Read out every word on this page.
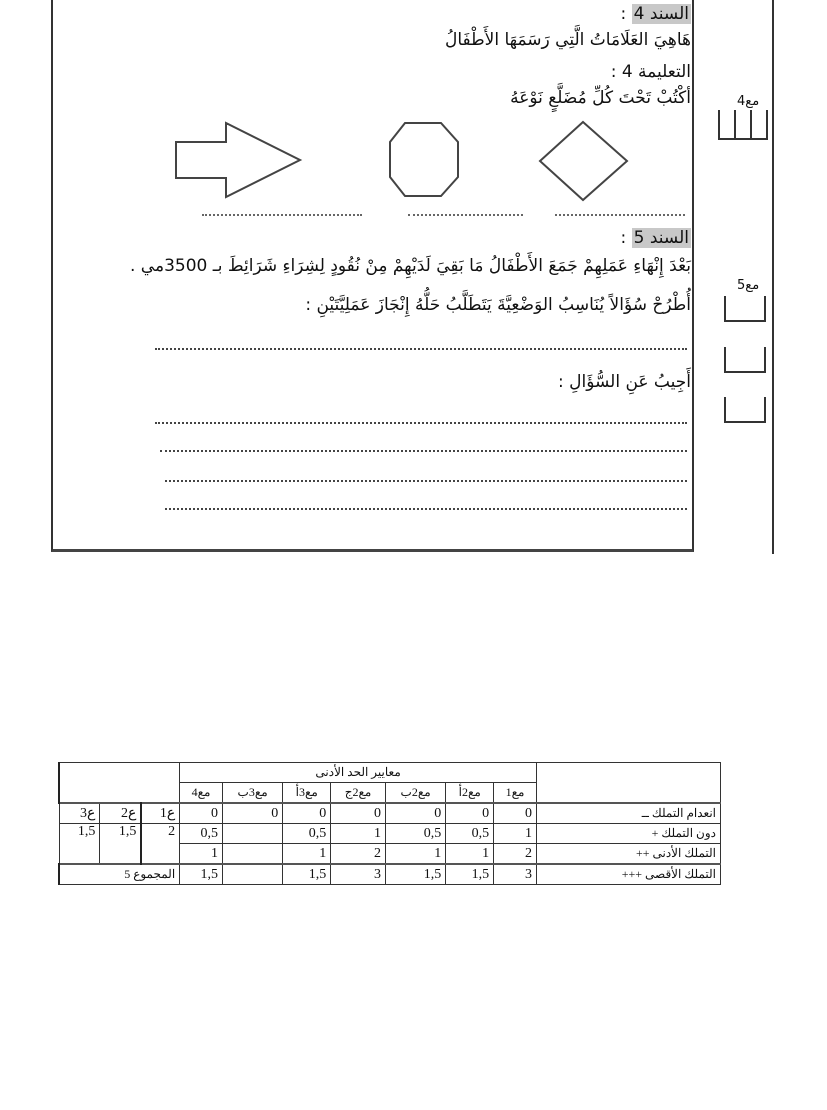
السند 4 :
هَاهِيَ العَلَامَاتُ الَّتِي رَسَمَهَا الأَطْفَالُ
التعليمة 4 :
أكْتُبْ تَحْتَ كُلِّ مُضَلَّعٍ نَوْعَهُ	مع4
السند 5 :
بَعْدَ إِنْهَاءِ عَمَلِهِمْ جَمَعَ الأَطْفَالُ مَا بَقِيَ لَدَيْهِمْ مِنْ نُقُودٍ لِشِرَاءِ شَرَائِطَ بـ 3500مي .
أُطْرُحْ سُؤَالاً يُنَاسِبُ الوَضْعِيَّةَ يَتَطَلَّبُ حَلُّهُ إِنْجَازَ عَمَلِيَّتَيْنِ :
أَجِيبُ عَنِ السُّؤَالِ :
مع5
	معايير الحد الأدنى									
	مع1	مع2أ	مع2ب	مع2ج	مع3أ	مع3ب	مع4			
انعدام التملك ــ	0	0	0	0	0	0	0	ع1	ع2	ع3
دون التملك +	1	0,5	0,5	1	0,5		0,5	2	1,5	1,5
التملك الأدنى ++	2	1	1	2	1		1			
التملك الأقصى +++	3	1,5	1,5	3	1,5		1,5	المجموع 5		
